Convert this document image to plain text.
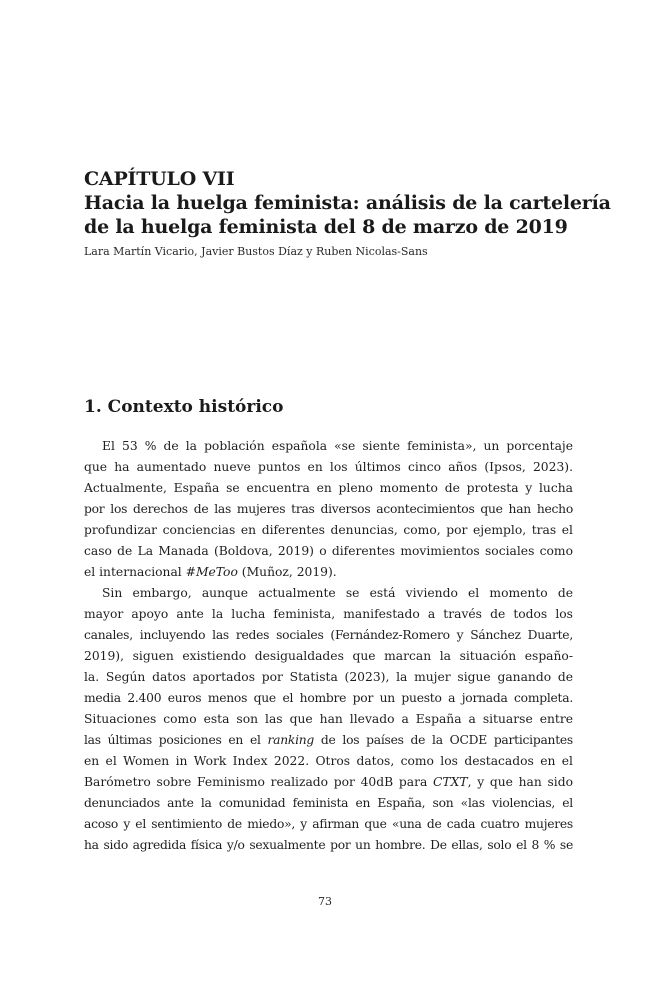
CAPÍTULO VII
Hacia la huelga feminista: análisis de la cartelería
de la huelga feminista del 8 de marzo de 2019
Lara Martín Vicario, Javier Bustos Díaz y Ruben Nicolas-Sans
1. Contexto histórico
El 53 % de la población española «se siente feminista», un porcentaje
que ha aumentado nueve puntos en los últimos cinco años (Ipsos, 2023).
Actualmente, España se encuentra en pleno momento de protesta y lucha
por los derechos de las mujeres tras diversos acontecimientos que han hecho
profundizar conciencias en diferentes denuncias, como, por ejemplo, tras el
caso de La Manada (Boldova, 2019) o diferentes movimientos sociales como
el internacional #MeToo (Muñoz, 2019).
Sin embargo, aunque actualmente se está viviendo el momento de
mayor apoyo ante la lucha feminista, manifestado a través de todos los
canales, incluyendo las redes sociales (Fernández-Romero y Sánchez Duarte,
2019), siguen existiendo desigualdades que marcan la situación españo-
la. Según datos aportados por Statista (2023), la mujer sigue ganando de
media 2.400 euros menos que el hombre por un puesto a jornada completa.
Situaciones como esta son las que han llevado a España a situarse entre
las últimas posiciones en el ranking de los países de la OCDE participantes
en el Women in Work Index 2022. Otros datos, como los destacados en el
Barómetro sobre Feminismo realizado por 40dB para CTXT, y que han sido
denunciados ante la comunidad feminista en España, son «las violencias, el
acoso y el sentimiento de miedo», y afirman que «una de cada cuatro mujeres
ha sido agredida física y/o sexualmente por un hombre. De ellas, solo el 8 % se
73
